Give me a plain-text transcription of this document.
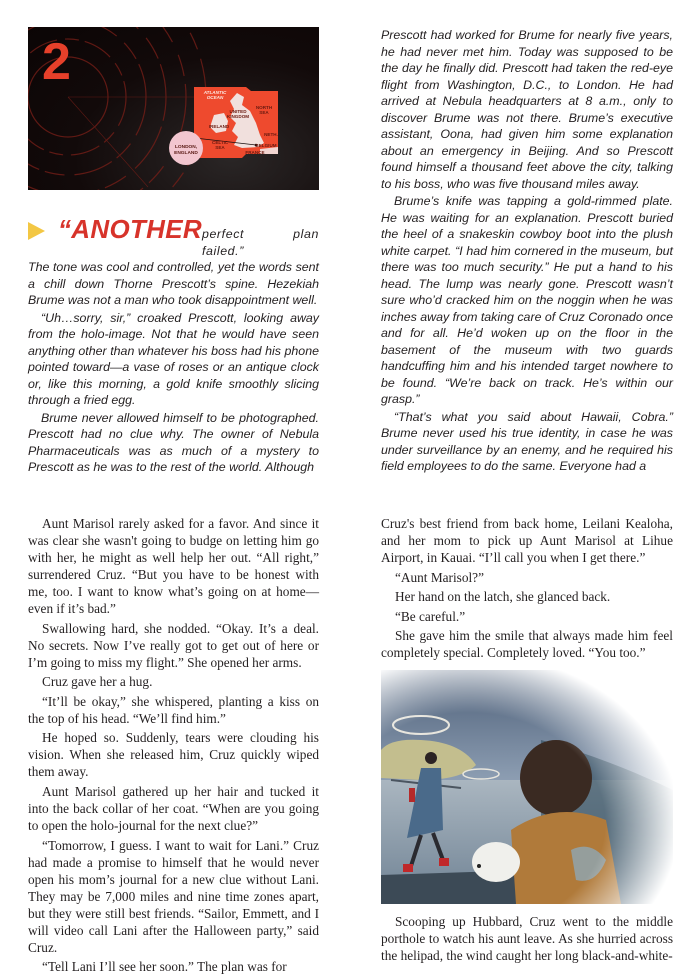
2
ATLANTIC OCEAN
UNITED KINGDOM
NORTH SEA
IRELAND
CELTIC SEA
NETH.
BELGIUM
FRANCE
LONDON, ENGLAND
“ANOTHER perfect plan failed.”

The tone was cool and controlled, yet the words sent a chill down Thorne Prescott’s spine. Hezekiah Brume was not a man who took disappointment well.

“Uh…sorry, sir,” croaked Prescott, looking away from the holo-image. Not that he would have seen anything other than whatever his boss had his phone pointed toward—a vase of roses or an antique clock or, like this morning, a gold knife smoothly slicing through a fried egg.

Brume never allowed himself to be photographed. Prescott had no clue why. The owner of Nebula Pharmaceuticals was as much of a mystery to Prescott as he was to the rest of the world. Although

Prescott had worked for Brume for nearly five years, he had never met him. Today was supposed to be the day he finally did. Prescott had taken the red-eye flight from Washington, D.C., to London. He had arrived at Nebula headquarters at 8 a.m., only to discover Brume was not there. Brume’s executive assistant, Oona, had given him some explanation about an emergency in Beijing. And so Prescott found himself a thousand feet above the city, talking to his boss, who was five thousand miles away.

Brume’s knife was tapping a gold-rimmed plate. He was waiting for an explanation. Prescott buried the heel of a snakeskin cowboy boot into the plush white carpet. “I had him cornered in the museum, but there was too much security.” He put a hand to his head. The lump was nearly gone. Prescott wasn’t sure who’d cracked him on the noggin when he was inches away from taking care of Cruz Coronado once and for all. He’d woken up on the floor in the basement of the museum with two guards handcuffing him and his intended target nowhere to be found. “We’re back on track. He’s within our grasp.”

“That’s what you said about Hawaii, Cobra.” Brume never used his true identity, in case he was under surveillance by an enemy, and he required his field employees to do the same. Everyone had a

Aunt Marisol rarely asked for a favor. And since it was clear she wasn't going to budge on letting him go with her, he might as well help her out. “All right,” surrendered Cruz. “But you have to be honest with me, too. I want to know what’s going on at home—even if it’s bad.”

Swallowing hard, she nodded. “Okay. It’s a deal. No secrets. Now I’ve really got to get out of here or I’m going to miss my flight.” She opened her arms.

Cruz gave her a hug.

“It’ll be okay,” she whispered, planting a kiss on the top of his head. “We’ll find him.”

He hoped so. Suddenly, tears were clouding his vision. When she released him, Cruz quickly wiped them away.

Aunt Marisol gathered up her hair and tucked it into the back collar of her coat. “When are you going to open the holo-journal for the next clue?”

“Tomorrow, I guess. I want to wait for Lani.” Cruz had made a promise to himself that he would never open his mom’s journal for a new clue without Lani. They may be 7,000 miles and nine time zones apart, but they were still best friends. “Sailor, Emmett, and I will video call Lani after the Halloween party,” said Cruz.

“Tell Lani I’ll see her soon.” The plan was for

Cruz's best friend from back home, Leilani Kealoha, and her mom to pick up Aunt Marisol at Lihue Airport, in Kauai. “I’ll call you when I get there.”

“Aunt Marisol?”

Her hand on the latch, she glanced back.

“Be careful.”

She gave him the smile that always made him feel completely special. Completely loved. “You too.”

Scooping up Hubbard, Cruz went to the middle porthole to watch his aunt leave. As she hurried across the helipad, the wind caught her long black-and-white-
